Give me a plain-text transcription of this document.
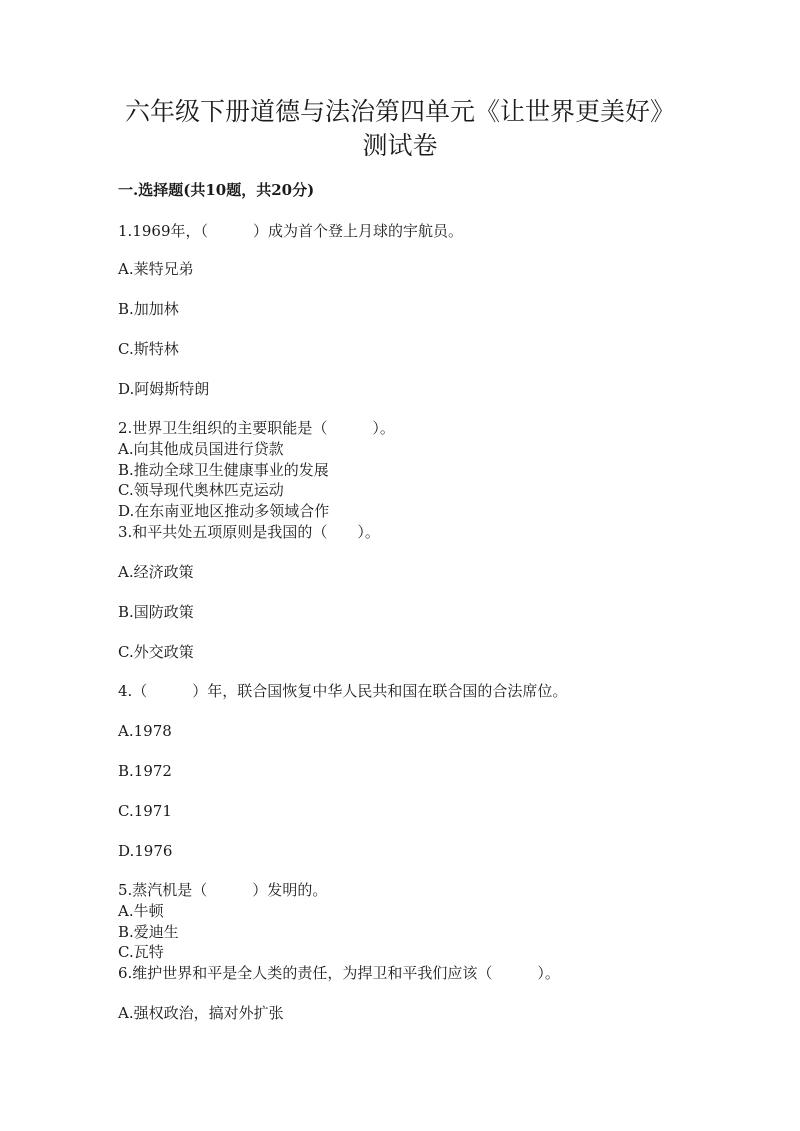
六年级下册道德与法治第四单元《让世界更美好》
测试卷
一.选择题(共10题，共20分)
1.1969年，（　　　）成为首个登上月球的宇航员。
A.莱特兄弟
B.加加林
C.斯特林
D.阿姆斯特朗
2.世界卫生组织的主要职能是（　　　）。
A.向其他成员国进行贷款
B.推动全球卫生健康事业的发展
C.领导现代奥林匹克运动
D.在东南亚地区推动多领域合作
3.和平共处五项原则是我国的（　　）。
A.经济政策
B.国防政策
C.外交政策
4.（　　　）年，联合国恢复中华人民共和国在联合国的合法席位。
A.1978
B.1972
C.1971
D.1976
5.蒸汽机是（　　　）发明的。
A.牛顿
B.爱迪生
C.瓦特
6.维护世界和平是全人类的责任，为捍卫和平我们应该（　　　）。
A.强权政治，搞对外扩张
